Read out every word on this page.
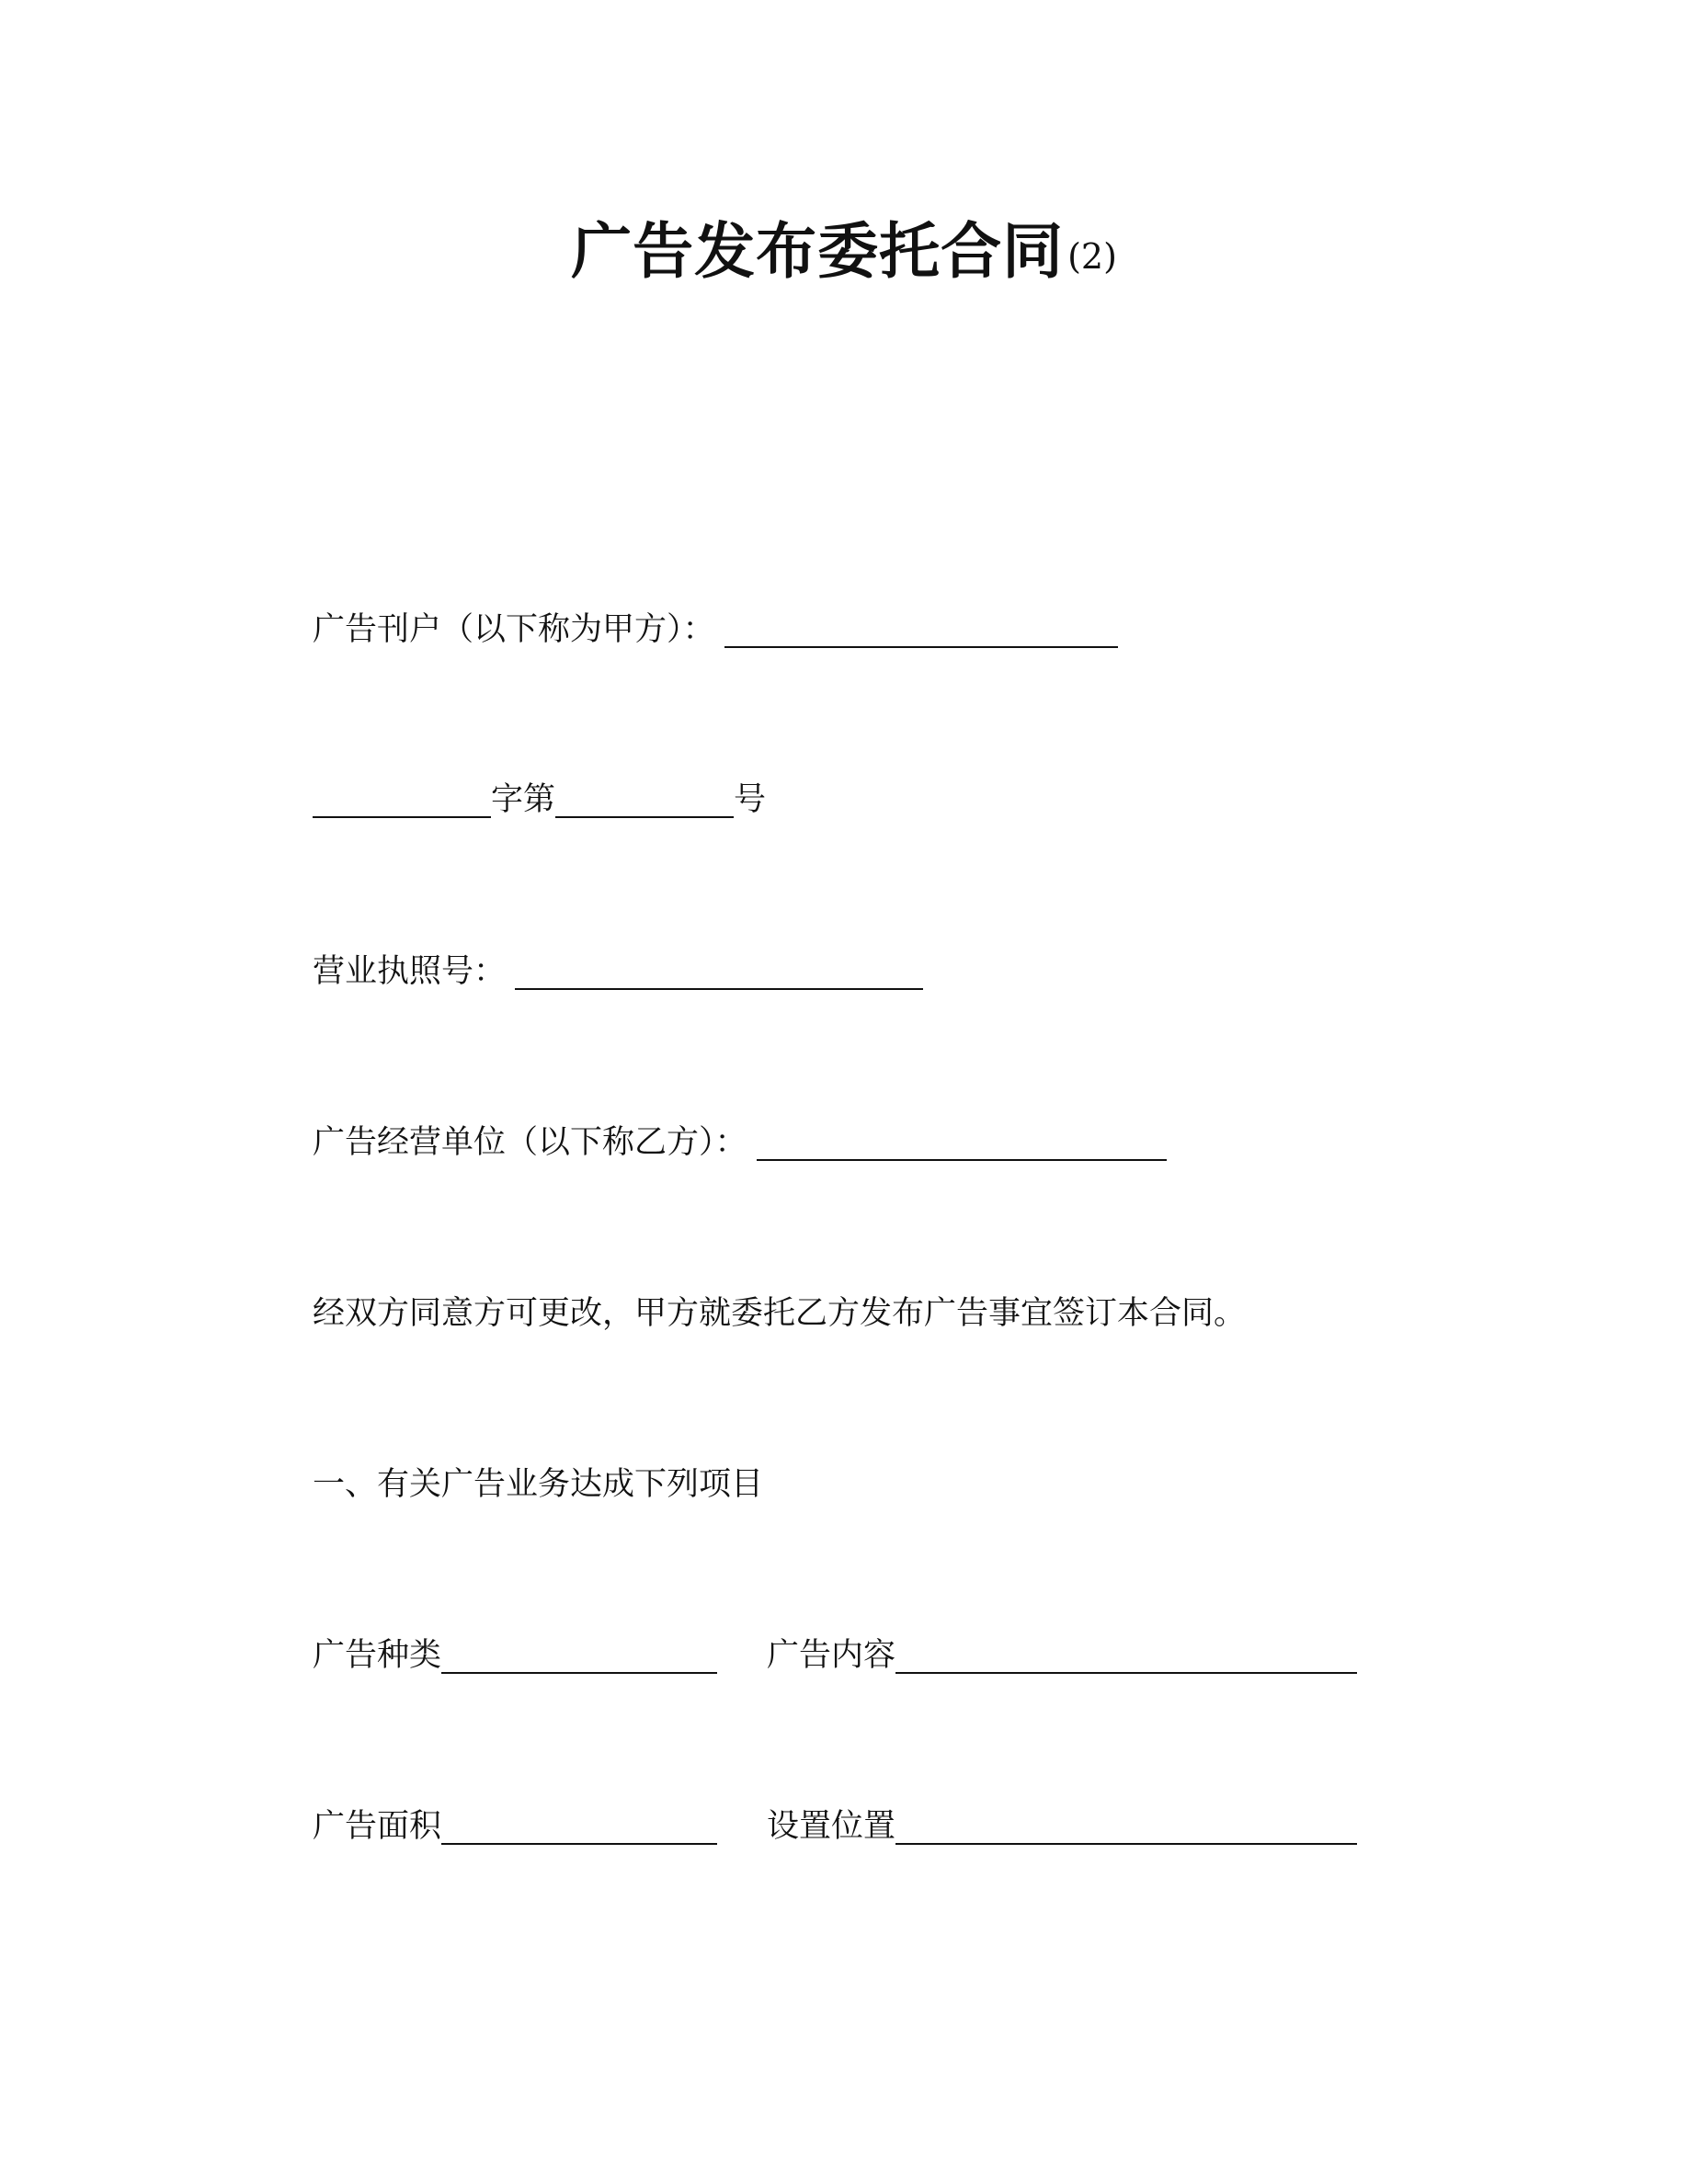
广告发布委托合同 (2)
广告刊户（以下称为甲方）：
字第	号
营业执照号：
广告经营单位（以下称乙方）：
经双方同意方可更改，甲方就委托乙方发布广告事宜签订本合同。
一、有关广告业务达成下列项目
广告种类	广告内容
广告面积	设置位置
